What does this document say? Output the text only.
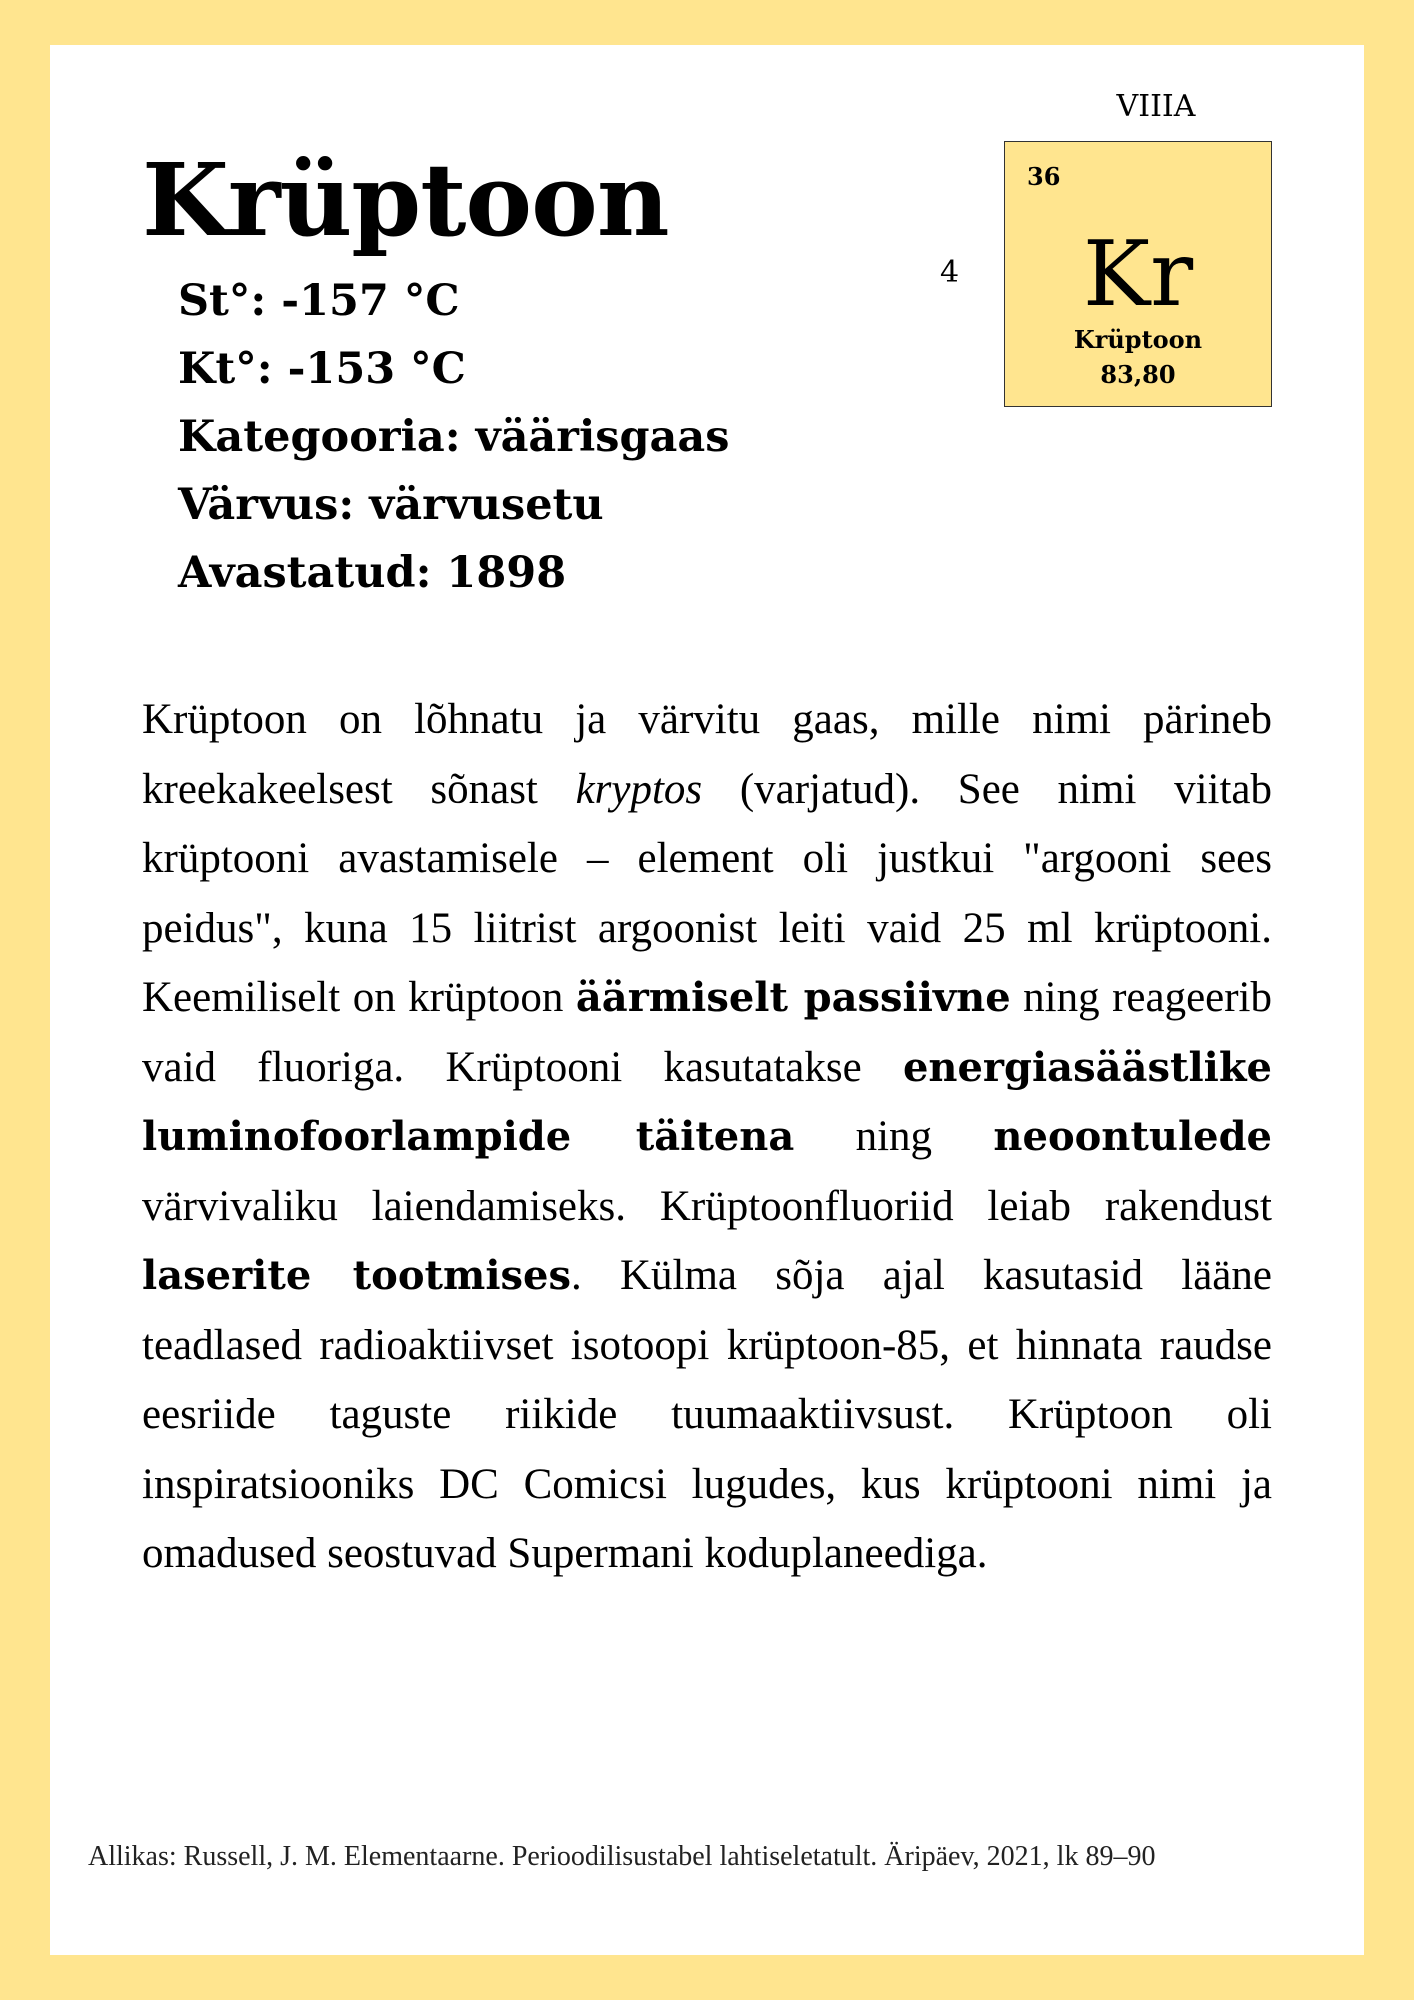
Krüptoon
St°: -157 °C
Kt°: -153 °C
Kategooria: väärisgaas
Värvus: värvusetu
Avastatud: 1898
VIIIA
4
36
Kr
Krüptoon
83,80

Krüptoon on lõhnatu ja värvitu gaas, mille nimi pärineb kreekakeelsest sõnast kryptos (varjatud). See nimi viitab krüptooni avastamisele – element oli justkui "argooni sees peidus", kuna 15 liitrist argoonist leiti vaid 25 ml krüptooni. Keemiliselt on krüptoon äärmiselt passiivne ning reageerib vaid fluoriga. Krüptooni kasutatakse energiasäästlike luminofoorlampide täitena ning neoontulede värvivaliku laiendamiseks. Krüptoonfluoriid leiab rakendust laserite tootmises. Külma sõja ajal kasutasid lääne teadlased radioaktiivset isotoopi krüptoon-85, et hinnata raudse eesriide taguste riikide tuumaaktiivsust. Krüptoon oli inspiratsiooniks DC Comicsi lugudes, kus krüptooni nimi ja omadused seostuvad Supermani koduplaneediga.

Allikas: Russell, J. M. Elementaarne. Perioodilisustabel lahtiseletatult. Äripäev, 2021, lk 89–90
